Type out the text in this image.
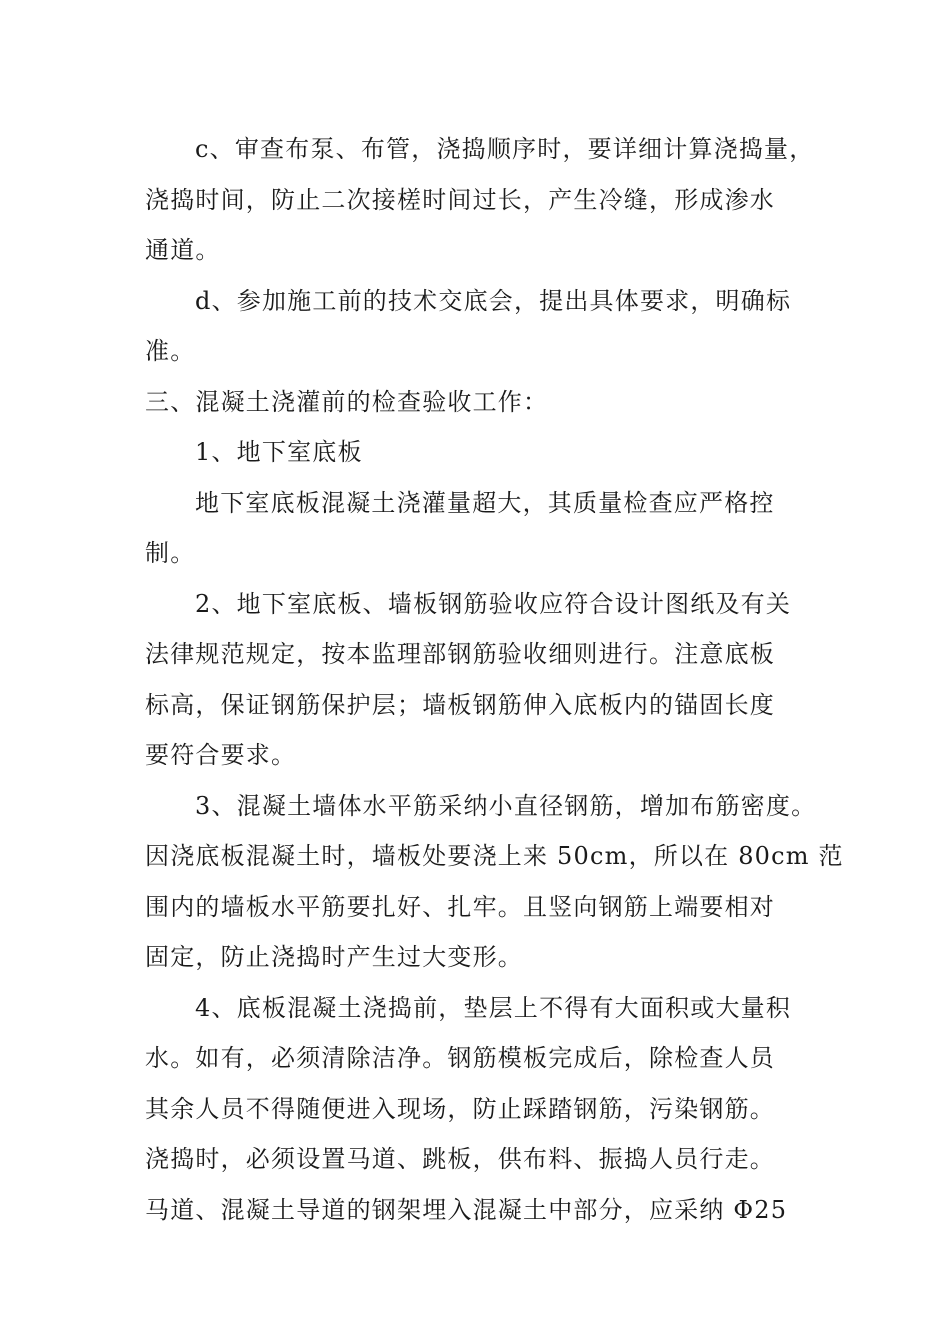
c、审查布泵、布管，浇捣顺序时，要详细计算浇捣量，
浇捣时间，防止二次接槎时间过长，产生冷缝，形成渗水
通道。
d、参加施工前的技术交底会，提出具体要求，明确标
准。
三、混凝土浇灌前的检查验收工作：
1、地下室底板
地下室底板混凝土浇灌量超大，其质量检查应严格控
制。
2、地下室底板、墙板钢筋验收应符合设计图纸及有关
法律规范规定，按本监理部钢筋验收细则进行。注意底板
标高，保证钢筋保护层；墙板钢筋伸入底板内的锚固长度
要符合要求。
3、混凝土墙体水平筋采纳小直径钢筋，增加布筋密度。
因浇底板混凝土时，墙板处要浇上来 50cm，所以在 80cm 范
围内的墙板水平筋要扎好、扎牢。且竖向钢筋上端要相对
固定，防止浇捣时产生过大变形。
4、底板混凝土浇捣前，垫层上不得有大面积或大量积
水。如有，必须清除洁净。钢筋模板完成后，除检查人员
其余人员不得随便进入现场，防止踩踏钢筋，污染钢筋。
浇捣时，必须设置马道、跳板，供布料、振捣人员行走。
马道、混凝土导道的钢架埋入混凝土中部分，应采纳 Φ25
